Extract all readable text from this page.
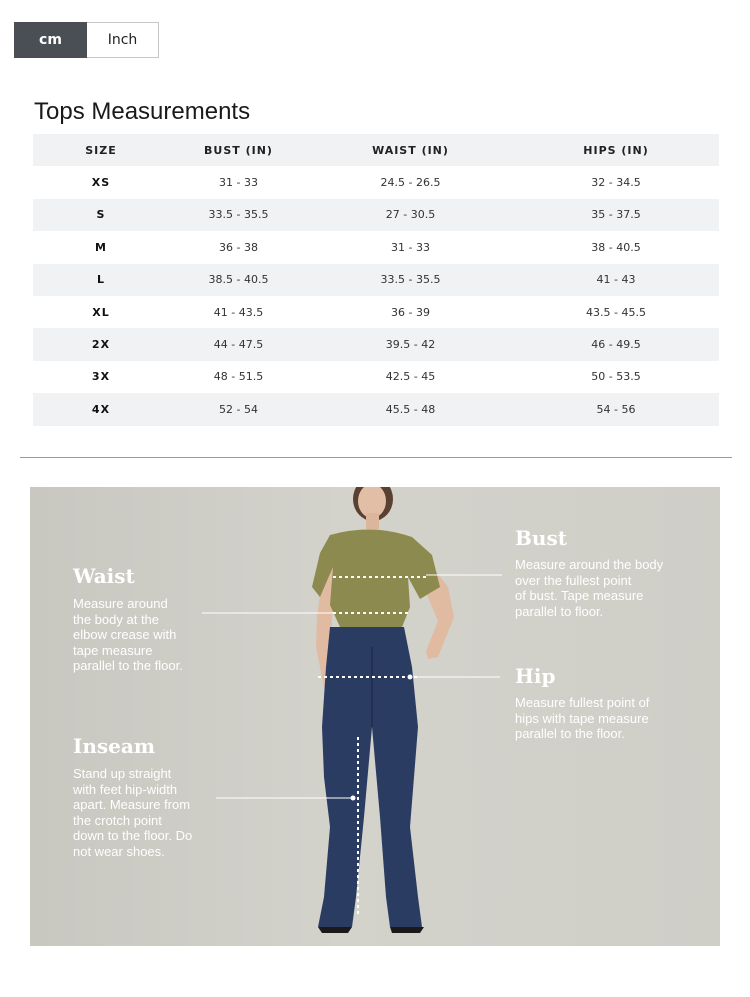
cm	Inch
Tops Measurements
SIZE	BUST (IN)	WAIST (IN)	HIPS (IN)
XS	31 - 33	24.5 - 26.5	32 - 34.5
S	33.5 - 35.5	27 - 30.5	35 - 37.5
M	36 - 38	31 - 33	38 - 40.5
L	38.5 - 40.5	33.5 - 35.5	41 - 43
XL	41 - 43.5	36 - 39	43.5 - 45.5
2X	44 - 47.5	39.5 - 42	46 - 49.5
3X	48 - 51.5	42.5 - 45	50 - 53.5
4X	52 - 54	45.5 - 48	54 - 56
Waist

Measure around
the body at the
elbow crease with
tape measure
parallel to the floor.

Inseam

Stand up straight
with feet hip-width
apart. Measure from
the crotch point
down to the floor. Do
not wear shoes.

Bust

Measure around the body
over the fullest point
of bust. Tape measure
parallel to floor.

Hip

Measure fullest point of
hips with tape measure
parallel to the floor.
